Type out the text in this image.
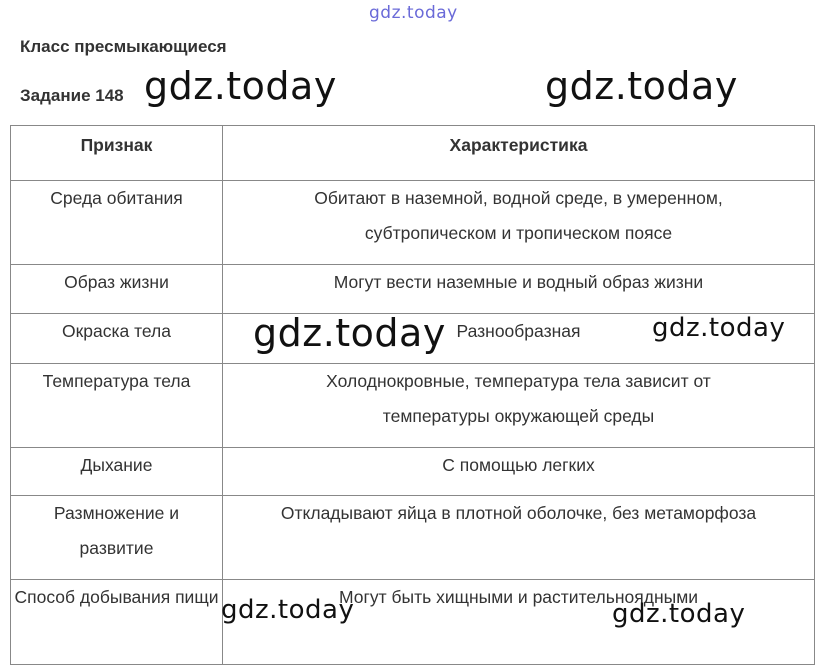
Класс пресмыкающиеся
Задание 148
Признак	Характеристика
Среда обитания	Обитают в наземной, водной среде, в умеренном, субтропическом и тропическом поясе
Образ жизни	Могут вести наземные и водный образ жизни
Окраска тела	Разнообразная
Температура тела	Холоднокровные, температура тела зависит от температуры окружающей среды
Дыхание	С помощью легких
Размножение и развитие	Откладывают яйца в плотной оболочке, без метаморфоза
Способ добывания пищи	Могут быть хищными и растительноядными
gdz.today
gdz.today	gdz.today
gdz.today	gdz.today
gdz.today	gdz.today
